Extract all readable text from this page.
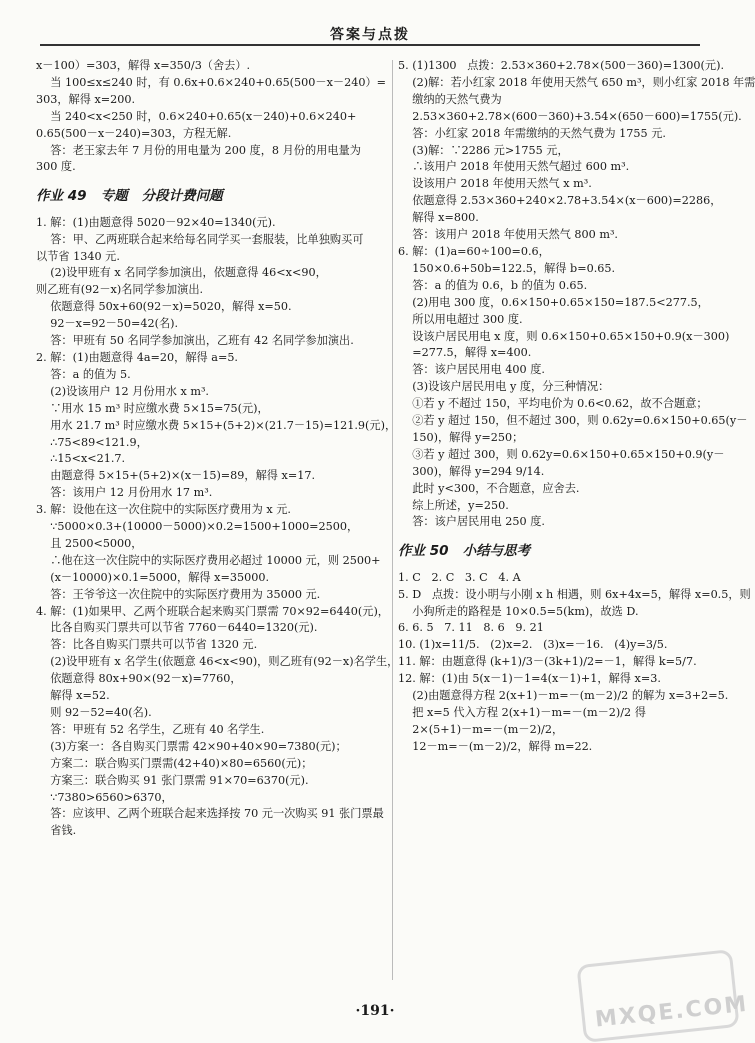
答案与点拨
x－100）=303，解得 x=350/3（舍去）.
当 100≤x≤240 时，有 0.6x+0.6×240+0.65(500－x－240）=
303，解得 x=200.
当 240<x<250 时，0.6×240+0.65(x－240)+0.6×240+
0.65(500－x－240)=303，方程无解.
答：老王家去年 7 月份的用电量为 200 度，8 月份的用电量为
300 度.
作业 49   专题   分段计费问题
1. 解：(1)由题意得 5020－92×40=1340(元).
答：甲、乙两班联合起来给每名同学买一套服装，比单独购买可
以节省 1340 元.
(2)设甲班有 x 名同学参加演出，依题意得 46<x<90，
则乙班有(92－x)名同学参加演出.
依题意得 50x+60(92－x)=5020，解得 x=50.
92－x=92－50=42(名).
答：甲班有 50 名同学参加演出，乙班有 42 名同学参加演出.
2. 解：(1)由题意得 4a=20，解得 a=5.
答：a 的值为 5.
(2)设该用户 12 月份用水 x m³.
∵用水 15 m³ 时应缴水费 5×15=75(元)，
用水 21.7 m³ 时应缴水费 5×15+(5+2)×(21.7－15)=121.9(元)，
∴75<89<121.9，
∴15<x<21.7.
由题意得 5×15+(5+2)×(x－15)=89，解得 x=17.
答：该用户 12 月份用水 17 m³.
3. 解：设他在这一次住院中的实际医疗费用为 x 元.
∵5000×0.3+(10000－5000)×0.2=1500+1000=2500，
且 2500<5000，
∴他在这一次住院中的实际医疗费用必超过 10000 元，则 2500+
(x－10000)×0.1=5000，解得 x=35000.
答：王爷爷这一次住院中的实际医疗费用为 35000 元.
4. 解：(1)如果甲、乙两个班联合起来购买门票需 70×92=6440(元)，
比各自购买门票共可以节省 7760－6440=1320(元).
答：比各自购买门票共可以节省 1320 元.
(2)设甲班有 x 名学生(依题意 46<x<90)，则乙班有(92－x)名学生，
依题意得 80x+90×(92－x)=7760，
解得 x=52.
则 92－52=40(名).
答：甲班有 52 名学生，乙班有 40 名学生.
(3)方案一：各自购买门票需 42×90+40×90=7380(元)；
方案二：联合购买门票需(42+40)×80=6560(元)；
方案三：联合购买 91 张门票需 91×70=6370(元).
∵7380>6560>6370，
答：应该甲、乙两个班联合起来选择按 70 元一次购买 91 张门票最
省钱.
5. (1)1300   点拨：2.53×360+2.78×(500－360)=1300(元).
(2)解：若小红家 2018 年使用天然气 650 m³，则小红家 2018 年需
缴纳的天然气费为
2.53×360+2.78×(600－360)+3.54×(650－600)=1755(元).
答：小红家 2018 年需缴纳的天然气费为 1755 元.
(3)解：∵2286 元>1755 元，
∴该用户 2018 年使用天然气超过 600 m³.
设该用户 2018 年使用天然气 x m³.
依题意得 2.53×360+240×2.78+3.54×(x－600)=2286，
解得 x=800.
答：该用户 2018 年使用天然气 800 m³.
6. 解：(1)a=60÷100=0.6，
150×0.6+50b=122.5，解得 b=0.65.
答：a 的值为 0.6，b 的值为 0.65.
(2)用电 300 度，0.6×150+0.65×150=187.5<277.5，
所以用电超过 300 度.
设该户居民用电 x 度，则 0.6×150+0.65×150+0.9(x－300)
=277.5，解得 x=400.
答：该户居民用电 400 度.
(3)设该户居民用电 y 度，分三种情况：
①若 y 不超过 150，平均电价为 0.6<0.62，故不合题意；
②若 y 超过 150，但不超过 300，则 0.62y=0.6×150+0.65(y－
150)，解得 y=250；
③若 y 超过 300，则 0.62y=0.6×150+0.65×150+0.9(y－
300)，解得 y=294 9/14.
此时 y<300，不合题意，应舍去.
综上所述，y=250.
答：该户居民用电 250 度.
作业 50   小结与思考
1. C   2. C   3. C   4. A
5. D   点拨：设小明与小刚 x h 相遇，则 6x+4x=5，解得 x=0.5，则
小狗所走的路程是 10×0.5=5(km)，故选 D.
6. 6. 5   7. 11   8. 6   9. 21
10. (1)x=11/5.   (2)x=2.   (3)x=－16.   (4)y=3/5.
11. 解：由题意得 (k+1)/3－(3k+1)/2=－1，解得 k=5/7.
12. 解：(1)由 5(x－1)－1=4(x－1)+1，解得 x=3.
(2)由题意得方程 2(x+1)－m=－(m－2)/2 的解为 x=3+2=5.
把 x=5 代入方程 2(x+1)－m=－(m－2)/2 得
2×(5+1)－m=－(m－2)/2，
12－m=－(m－2)/2，解得 m=22.
·191·	MXQE.COM
